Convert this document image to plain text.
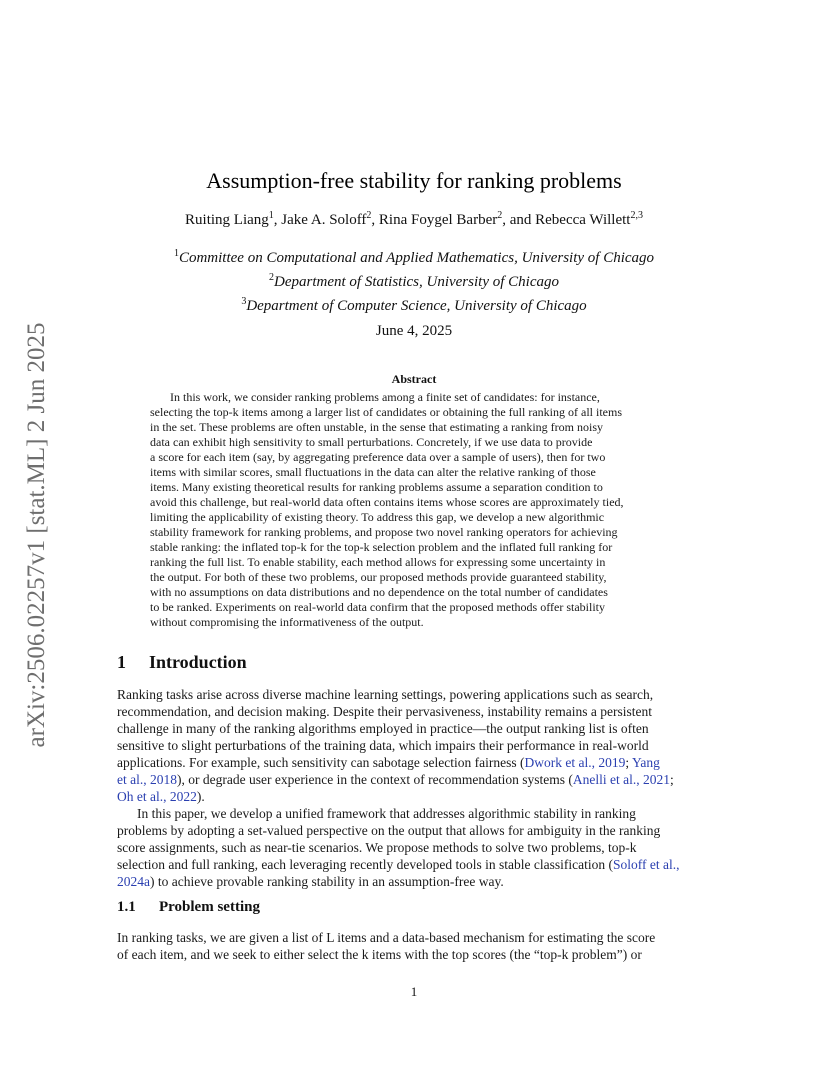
arXiv:2506.02257v1 [stat.ML] 2 Jun 2025
Assumption-free stability for ranking problems
Ruiting Liang$^1$, Jake A. Soloff$^2$, Rina Foygel Barber$^2$, and Rebecca Willett$^{2,3}$
$^1$Committee on Computational and Applied Mathematics, University of Chicago
$^2$Department of Statistics, University of Chicago
$^3$Department of Computer Science, University of Chicago
June 4, 2025
Abstract
In this work, we consider ranking problems among a finite set of candidates: for instance,
selecting the top-k items among a larger list of candidates or obtaining the full ranking of all items
in the set. These problems are often unstable, in the sense that estimating a ranking from noisy
data can exhibit high sensitivity to small perturbations. Concretely, if we use data to provide
a score for each item (say, by aggregating preference data over a sample of users), then for two
items with similar scores, small fluctuations in the data can alter the relative ranking of those
items. Many existing theoretical results for ranking problems assume a separation condition to
avoid this challenge, but real-world data often contains items whose scores are approximately tied,
limiting the applicability of existing theory. To address this gap, we develop a new algorithmic
stability framework for ranking problems, and propose two novel ranking operators for achieving
stable ranking: the inflated top-k for the top-k selection problem and the inflated full ranking for
ranking the full list. To enable stability, each method allows for expressing some uncertainty in
the output. For both of these two problems, our proposed methods provide guaranteed stability,
with no assumptions on data distributions and no dependence on the total number of candidates
to be ranked. Experiments on real-world data confirm that the proposed methods offer stability
without compromising the informativeness of the output.
1 Introduction
Ranking tasks arise across diverse machine learning settings, powering applications such as search,
recommendation, and decision making. Despite their pervasiveness, instability remains a persistent
challenge in many of the ranking algorithms employed in practice—the output ranking list is often
sensitive to slight perturbations of the training data, which impairs their performance in real-world
applications. For example, such sensitivity can sabotage selection fairness (Dwork et al., 2019; Yang
et al., 2018), or degrade user experience in the context of recommendation systems (Anelli et al., 2021;
Oh et al., 2022).
In this paper, we develop a unified framework that addresses algorithmic stability in ranking
problems by adopting a set-valued perspective on the output that allows for ambiguity in the ranking
score assignments, such as near-tie scenarios. We propose methods to solve two problems, top-k
selection and full ranking, each leveraging recently developed tools in stable classification (Soloff et al.,
2024a) to achieve provable ranking stability in an assumption-free way.
1.1 Problem setting
In ranking tasks, we are given a list of L items and a data-based mechanism for estimating the score
of each item, and we seek to either select the k items with the top scores (the “top-k problem”) or
1
